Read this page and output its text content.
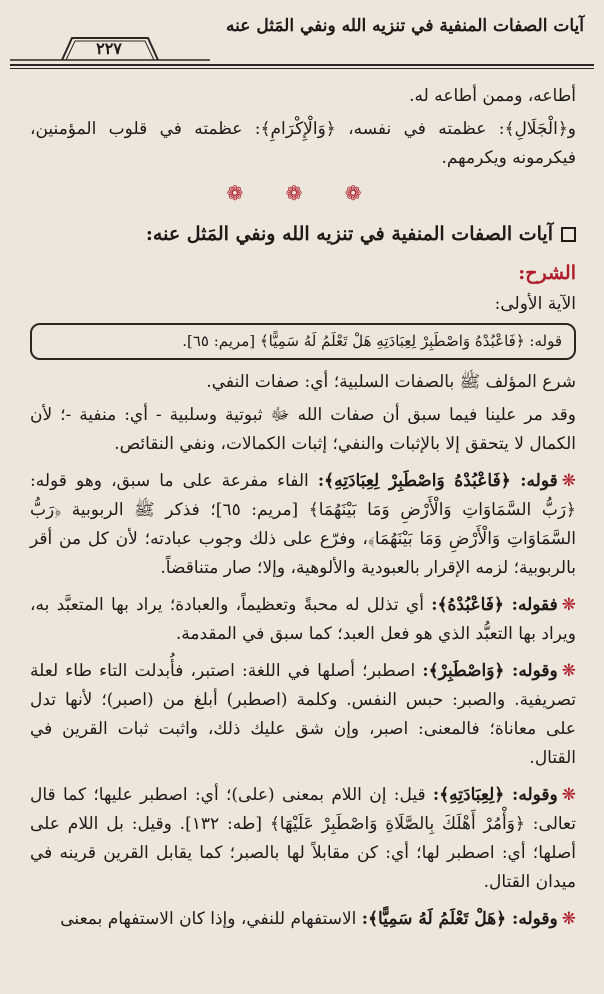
آيات الصفات المنفية في تنزيه الله ونفي المَثل عنه
٢٢٧

أطاعه، وممن أطاعه له.

و﴿الْجَلَالِ﴾: عظمته في نفسه، ﴿وَالْإِكْرَامِ﴾: عظمته في قلوب المؤمنين، فيكرمونه ويكرمهم.

❁ ❁ ❁
آيات الصفات المنفية في تنزيه الله ونفي المَثل عنه:
الشرح:
الآية الأولى:
قوله: ﴿فَاعْبُدْهُ وَاصْطَبِرْ لِعِبَادَتِهِ هَلْ تَعْلَمُ لَهُ سَمِيًّا﴾ [مريم: ٦٥].

شرع المؤلف ﷺ بالصفات السلبية؛ أي: صفات النفي.

وقد مر علينا فيما سبق أن صفات الله ﷻ ثبوتية وسلبية - أي: منفية -؛ لأن الكمال لا يتحقق إلا بالإثبات والنفي؛ إثبات الكمالات، ونفي النقائص.

❋قوله: ﴿فَاعْبُدْهُ وَاصْطَبِرْ لِعِبَادَتِهِ﴾: الفاء مفرعة على ما سبق، وهو قوله: ﴿رَبُّ السَّمَاوَاتِ وَالْأَرْضِ وَمَا بَيْنَهُمَا﴾ [مريم: ٦٥]؛ فذكر ﷺ الربوبية ﴿رَبُّ السَّمَاوَاتِ وَالْأَرْضِ وَمَا بَيْنَهُمَا﴾، وفرّع على ذلك وجوب عبادته؛ لأن كل من أقر بالربوبية؛ لزمه الإقرار بالعبودية والألوهية، وإلا؛ صار متناقضاً.

❋فقوله: ﴿فَاعْبُدْهُ﴾: أي تذلل له محبةً وتعظيماً، والعبادة؛ يراد بها المتعبَّد به، ويراد بها التعبُّد الذي هو فعل العبد؛ كما سبق في المقدمة.

❋وقوله: ﴿وَاصْطَبِرْ﴾: اصطبر؛ أصلها في اللغة: اصتبر، فأُبدلت التاء طاء لعلة تصريفية. والصبر: حبس النفس. وكلمة (اصطبر) أبلغ من (اصبر)؛ لأنها تدل على معاناة؛ فالمعنى: اصبر، وإن شق عليك ذلك، واثبت ثبات القرين في القتال.

❋وقوله: ﴿لِعِبَادَتِهِ﴾: قيل: إن اللام بمعنى (على)؛ أي: اصطبر عليها؛ كما قال تعالى: ﴿وَأْمُرْ أَهْلَكَ بِالصَّلَاةِ وَاصْطَبِرْ عَلَيْهَا﴾ [طه: ١٣٢]. وقيل: بل اللام على أصلها؛ أي: اصطبر لها؛ أي: كن مقابلاً لها بالصبر؛ كما يقابل القرين قرينه في ميدان القتال.

❋وقوله: ﴿هَلْ تَعْلَمُ لَهُ سَمِيًّا﴾: الاستفهام للنفي، وإذا كان الاستفهام بمعنى
